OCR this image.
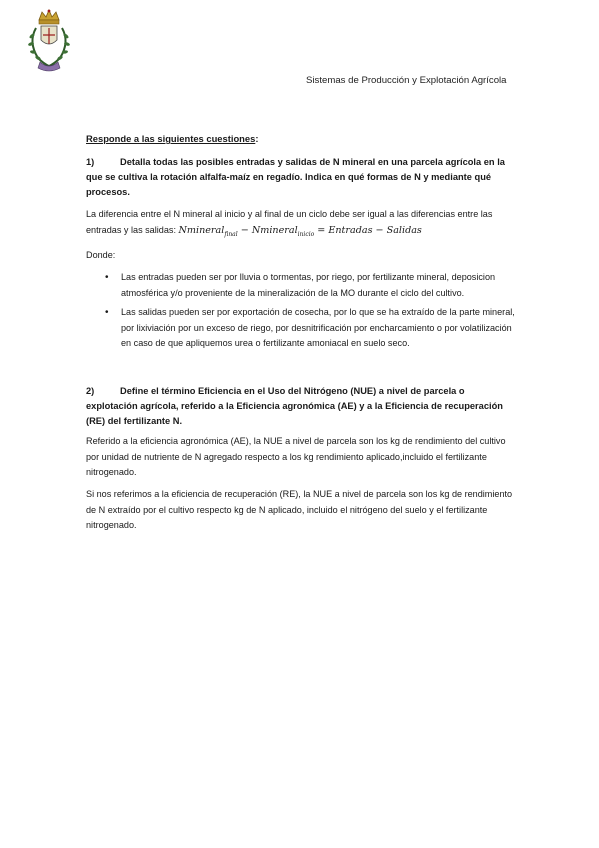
Sistemas de Producción y Explotación Agrícola
Responde a las siguientes cuestiones:
1)	Detalla todas las posibles entradas y salidas de N mineral en una parcela agrícola en la que se cultiva la rotación alfalfa-maíz en regadío. Indica en qué formas de N y mediante qué procesos.
La diferencia entre el N mineral al inicio y al final de un ciclo debe ser igual a las diferencias entre las entradas y las salidas: Nmineral$_{final}$ − Nmineral$_{inicio}$ = Entradas − Salidas
Donde:
• Las entradas pueden ser por lluvia o tormentas, por riego, por fertilizante mineral, deposicion atmosférica y/o proveniente de la mineralización de la MO durante el ciclo del cultivo.
• Las salidas pueden ser por exportación de cosecha, por lo que se ha extraído de la parte mineral, por lixiviación por un exceso de riego, por desnitrificación por encharcamiento o por volatilización en caso de que apliquemos urea o fertilizante amoniacal en suelo seco.
2)	Define el término Eficiencia en el Uso del Nitrógeno (NUE) a nivel de parcela o explotación agrícola, referido a la Eficiencia agronómica (AE) y a la Eficiencia de recuperación (RE) del fertilizante N.
Referido a la eficiencia agronómica (AE), la NUE a nivel de parcela son los kg de rendimiento del cultivo por unidad de nutriente de N agregado respecto a los kg rendimiento aplicado,incluido el fertilizante nitrogenado.
Si nos referimos a la eficiencia de recuperación (RE), la NUE a nivel de parcela son los kg de rendimiento de N extraído por el cultivo respecto kg de N aplicado, incluido el nitrógeno del suelo y el fertilizante nitrogenado.
